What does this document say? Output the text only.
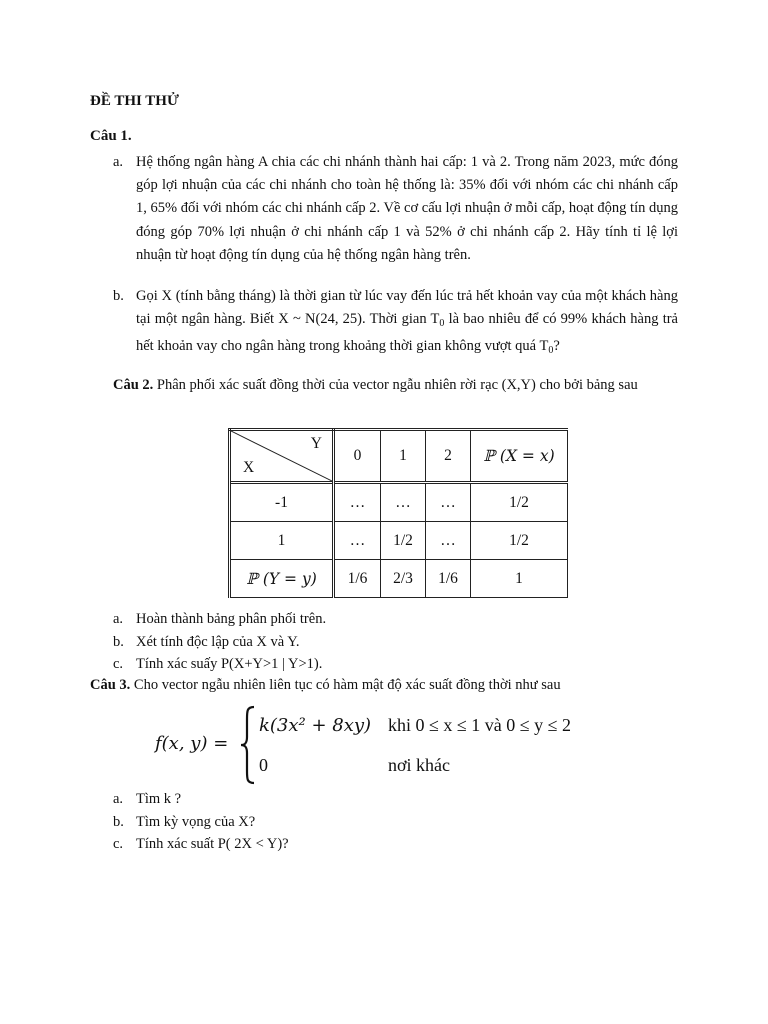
ĐỀ THI THỬ
Câu 1.
a. Hệ thống ngân hàng A chia các chi nhánh thành hai cấp: 1 và 2. Trong năm 2023, mức đóng góp lợi nhuận của các chi nhánh cho toàn hệ thống là: 35% đối với nhóm các chi nhánh cấp 1, 65% đối với nhóm các chi nhánh cấp 2. Về cơ cấu lợi nhuận ở mỗi cấp, hoạt động tín dụng đóng góp 70% lợi nhuận ở chi nhánh cấp 1 và 52% ở chi nhánh cấp 2. Hãy tính tỉ lệ lợi nhuận từ hoạt động tín dụng của hệ thống ngân hàng trên.
b. Gọi X (tính bằng tháng) là thời gian từ lúc vay đến lúc trả hết khoản vay của một khách hàng tại một ngân hàng. Biết X ~ N(24, 25). Thời gian $T_0$ là bao nhiêu để có 99% khách hàng trả hết khoản vay cho ngân hàng trong khoảng thời gian không vượt quá $T_0$?
Câu 2. Phân phối xác suất đồng thời của vector ngẫu nhiên rời rạc (X,Y) cho bởi bảng sau
Y
X	0	1	2	ℙ (X = x)
-1	…	…	…	1/2
1	…	1/2	…	1/2
ℙ (Y = y)	1/6	2/3	1/6	1
a. Hoàn thành bảng phân phối trên.
b. Xét tính độc lập của X và Y.
c. Tính xác suấy P(X+Y>1 | Y>1).
Câu 3. Cho vector ngẫu nhiên liên tục có hàm mật độ xác suất đồng thời như sau
f(x, y) =
k(3x² + 8xy) khi 0 ≤ x ≤ 1 và 0 ≤ y ≤ 2
0	nơi khác
a. Tìm k ?
b. Tìm kỳ vọng của X?
c. Tính xác suất P( 2X < Y)?
